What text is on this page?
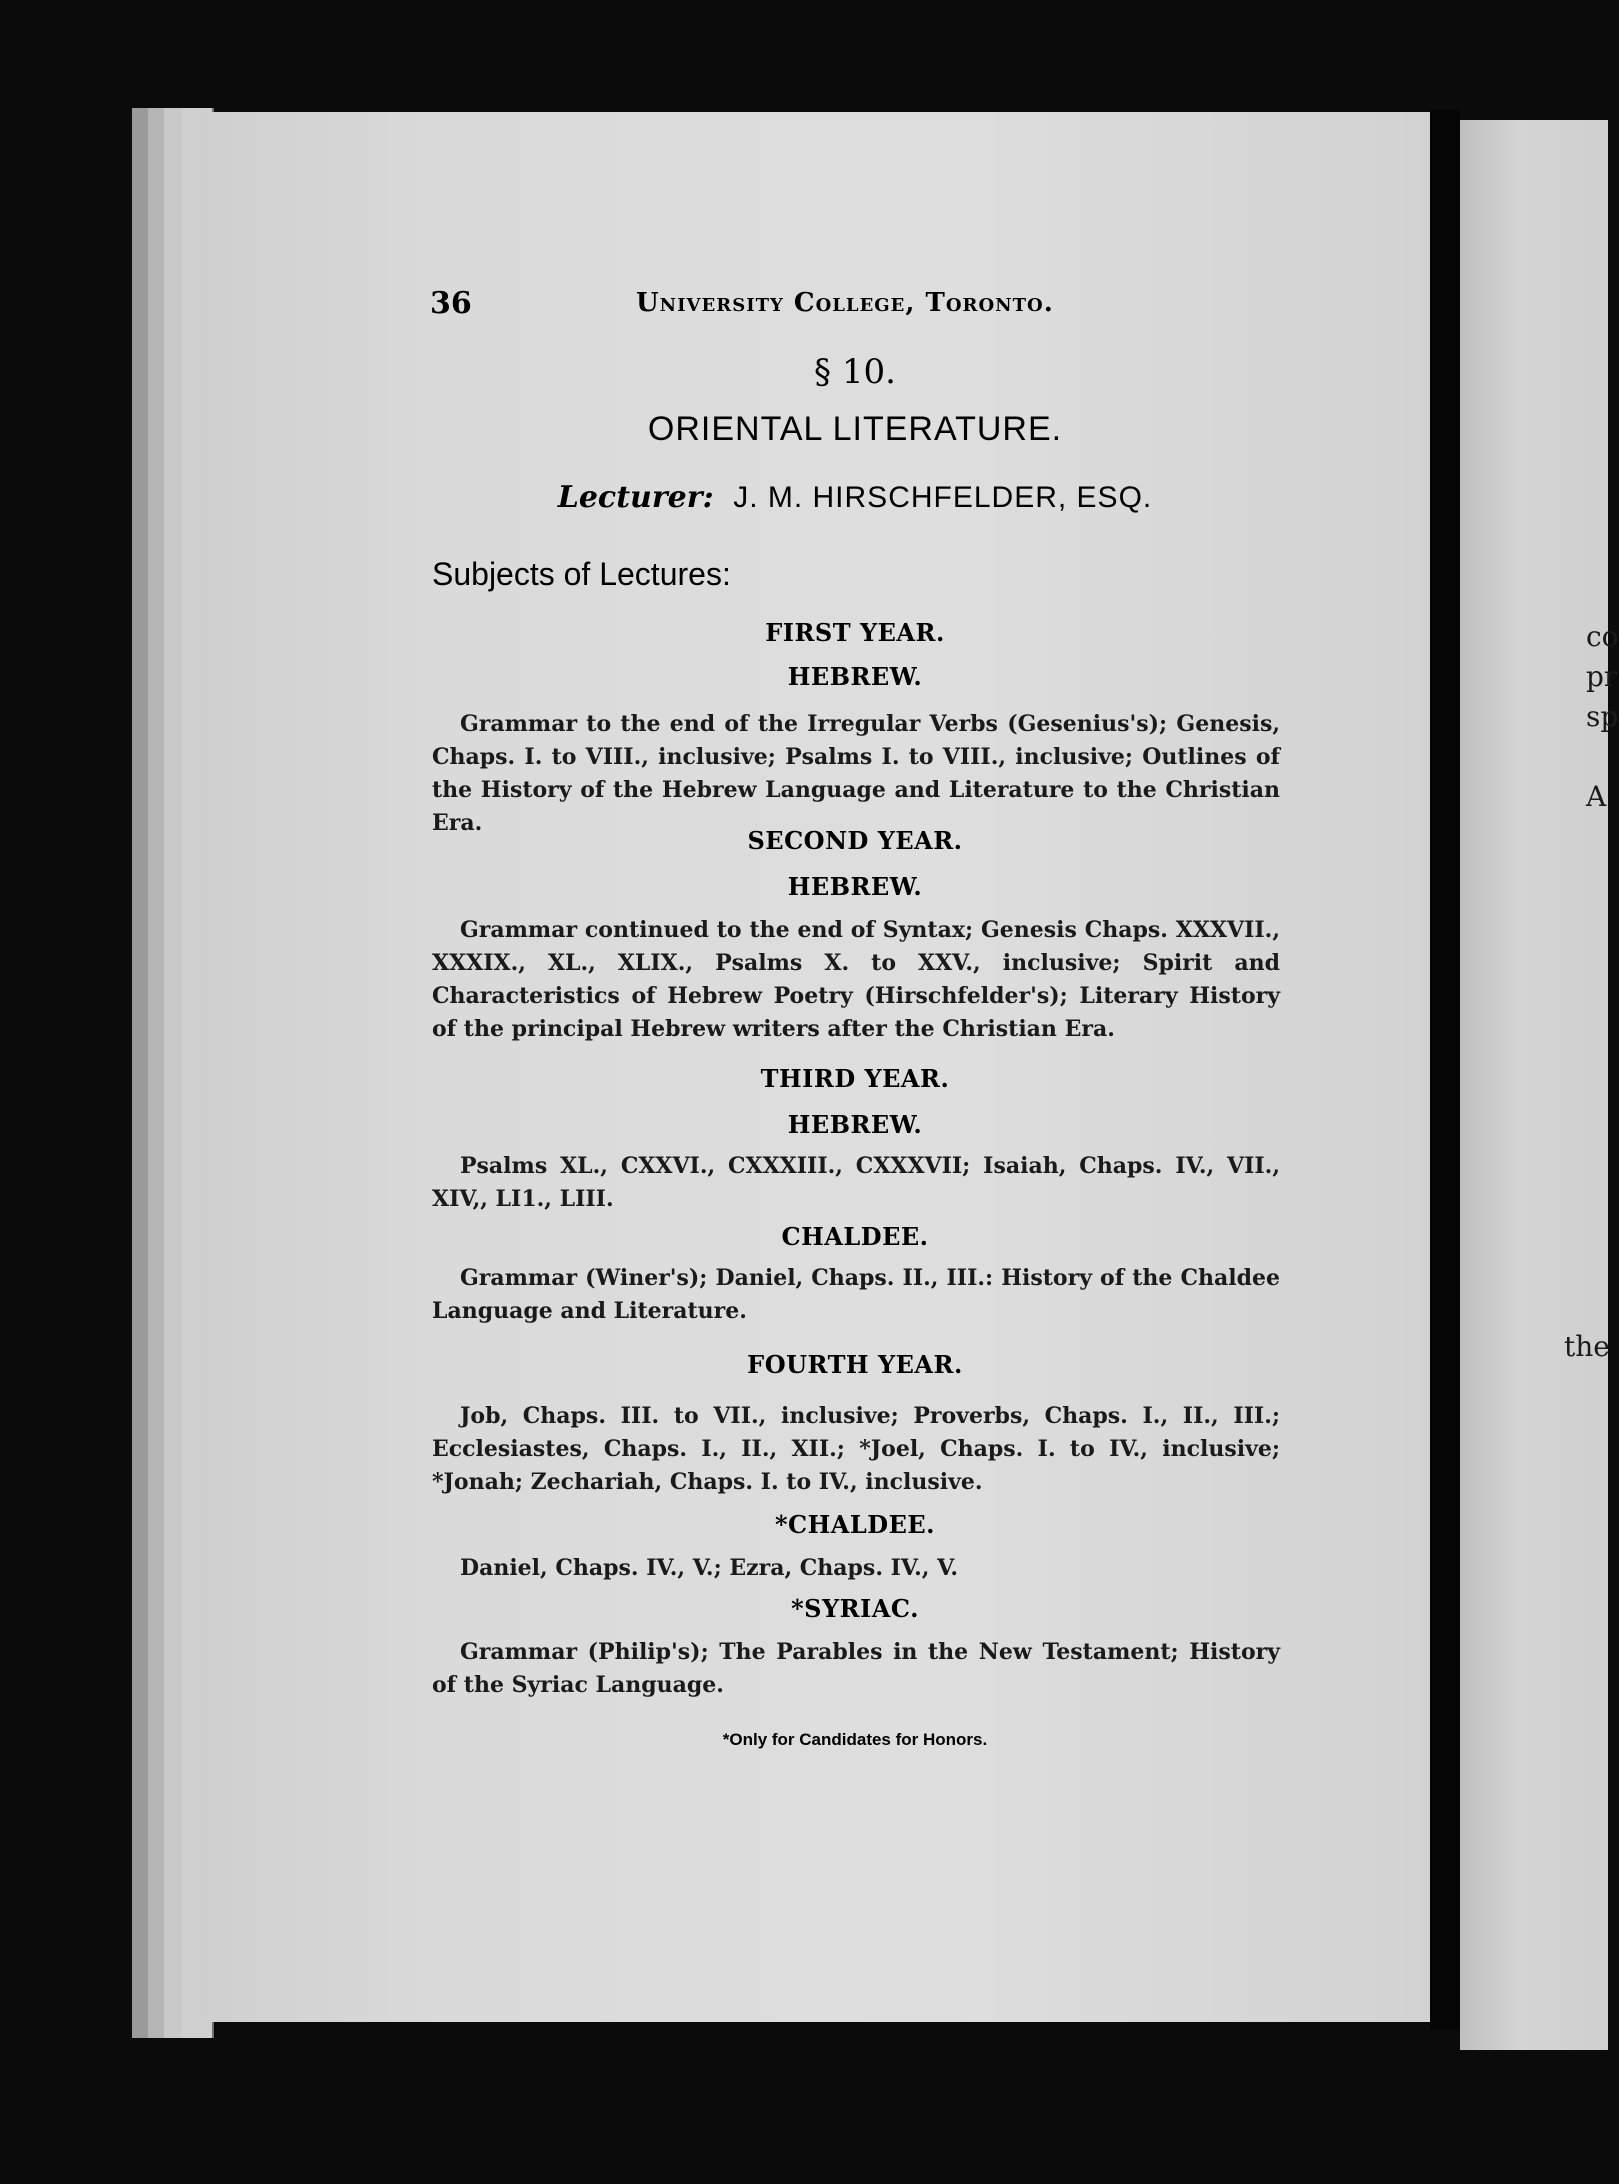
co
pr
sp
A
the
36	University College, Toronto.
§ 10.
ORIENTAL LITERATURE.
Lecturer: J. M. HIRSCHFELDER, ESQ.
Subjects of Lectures:
FIRST YEAR.
HEBREW.
Grammar to the end of the Irregular Verbs (Gesenius's); Genesis, Chaps. I. to VIII., inclusive; Psalms I. to VIII., inclusive; Outlines of the History of the Hebrew Language and Literature to the Christian Era.
SECOND YEAR.
HEBREW.
Grammar continued to the end of Syntax; Genesis Chaps. XXXVII., XXXIX., XL., XLIX., Psalms X. to XXV., inclusive; Spirit and Characteristics of Hebrew Poetry (Hirschfelder's); Literary History of the principal Hebrew writers after the Christian Era.
THIRD YEAR.
HEBREW.
Psalms XL., CXXVI., CXXXIII., CXXXVII; Isaiah, Chaps. IV., VII., XIV,, LI1., LIII.
CHALDEE.
Grammar (Winer's); Daniel, Chaps. II., III.: History of the Chaldee Language and Literature.
FOURTH YEAR.
Job, Chaps. III. to VII., inclusive; Proverbs, Chaps. I., II., III.; Ecclesiastes, Chaps. I., II., XII.; *Joel, Chaps. I. to IV., inclusive; *Jonah; Zechariah, Chaps. I. to IV., inclusive.
*CHALDEE.
Daniel, Chaps. IV., V.; Ezra, Chaps. IV., V.
*SYRIAC.
Grammar (Philip's); The Parables in the New Testament; History of the Syriac Language.
*Only for Candidates for Honors.
